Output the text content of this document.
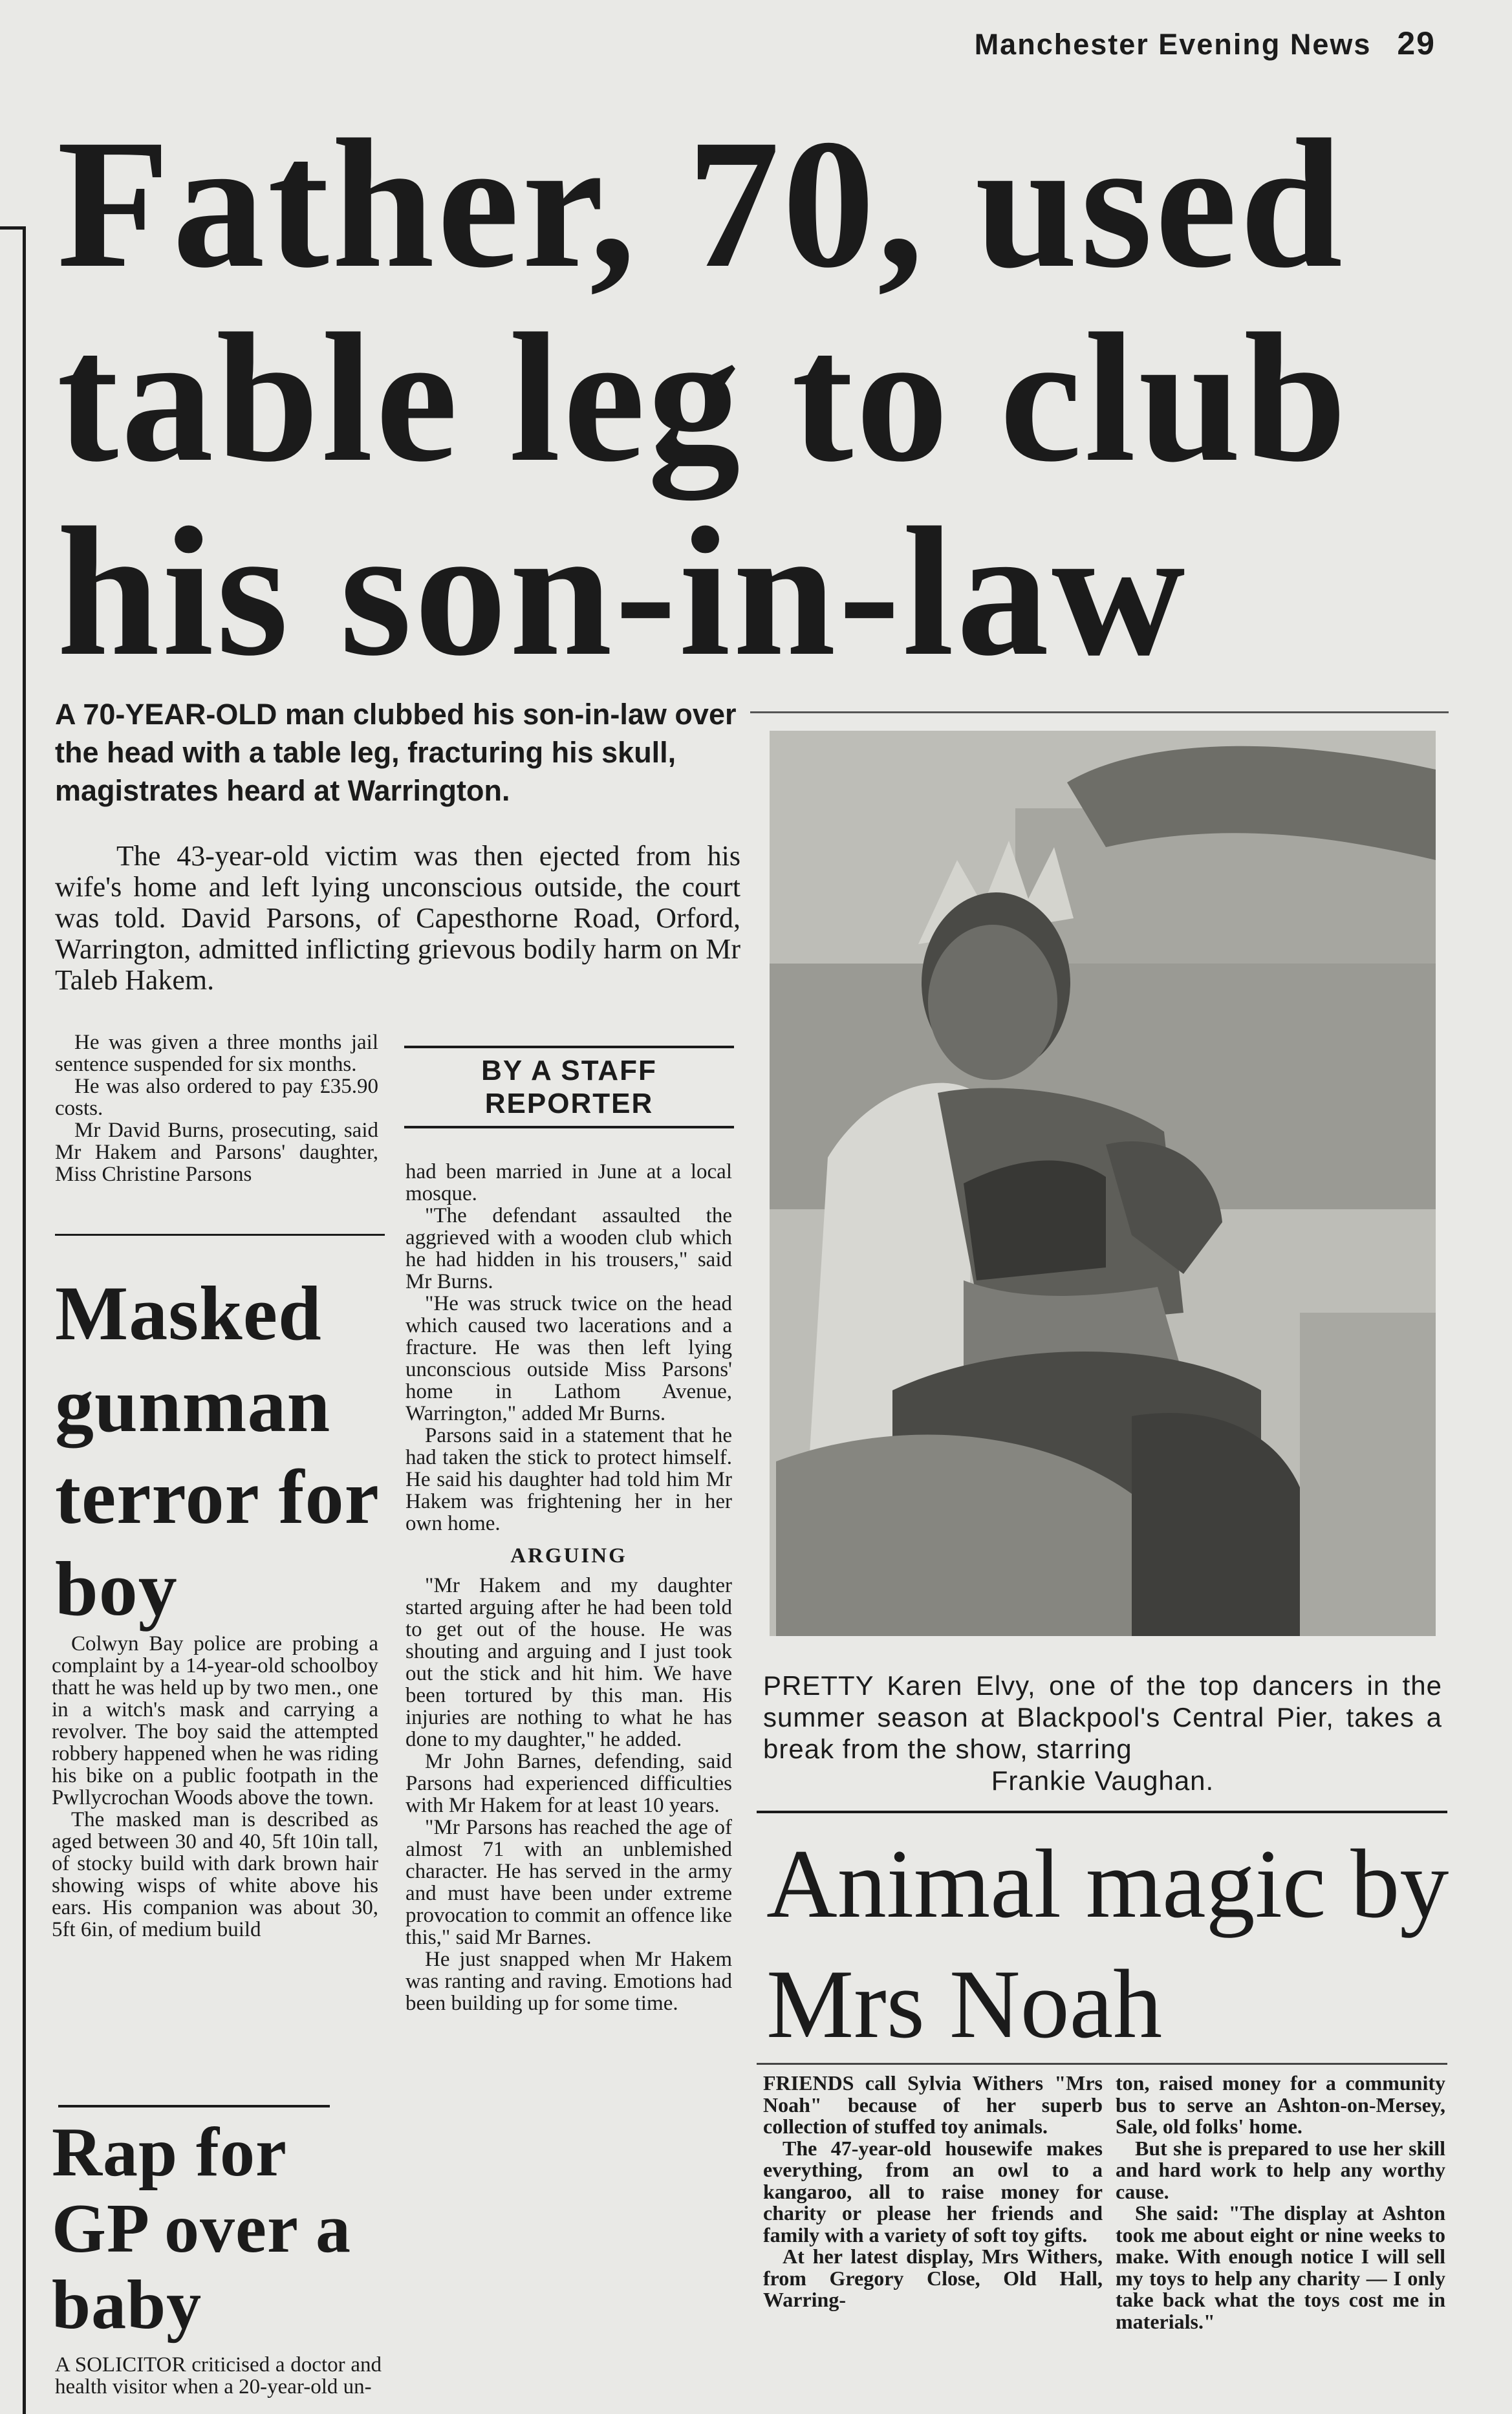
Manchester Evening News 29
Father, 70, used table leg to club his son-in-law
A 70-YEAR-OLD man clubbed his son-in-law over the head with a table leg, fracturing his skull, magistrates heard at Warrington.

The 43-year-old victim was then ejected from his wife's home and left lying unconscious outside, the court was told. David Parsons, of Capesthorne Road, Orford, Warrington, admitted inflicting grievous bodily harm on Mr Taleb Hakem.

He was given a three months jail sentence suspended for six months.

He was also ordered to pay £35.90 costs.

Mr David Burns, prosecuting, said Mr Hakem and Parsons' daughter, Miss Christine Parsons

BY A STAFF
REPORTER

had been married in June at a local mosque.

"The defendant assaulted the aggrieved with a wooden club which he had hidden in his trousers," said Mr Burns.

"He was struck twice on the head which caused two lacerations and a fracture. He was then left lying unconscious outside Miss Parsons' home in Lathom Avenue, Warrington," added Mr Burns.

Parsons said in a statement that he had taken the stick to protect himself. He said his daughter had told him Mr Hakem was frightening her in her own home.

ARGUING

"Mr Hakem and my daughter started arguing after he had been told to get out of the house. He was shouting and arguing and I just took out the stick and hit him. We have been tortured by this man. His injuries are nothing to what he has done to my daughter," he added.

Mr John Barnes, defending, said Parsons had experienced difficulties with Mr Hakem for at least 10 years.

"Mr Parsons has reached the age of almost 71 with an unblemished character. He has served in the army and must have been under extreme provocation to commit an offence like this," said Mr Barnes.

He just snapped when Mr Hakem was ranting and raving. Emotions had been building up for some time.

Masked gunman terror for boy

Colwyn Bay police are probing a complaint by a 14-year-old schoolboy thatt he was held up by two men., one in a witch's mask and carrying a revolver. The boy said the attempted robbery happened when he was riding his bike on a public footpath in the Pwllycrochan Woods above the town.

The masked man is described as aged between 30 and 40, 5ft 10in tall, of stocky build with dark brown hair showing wisps of white above his ears. His companion was about 30, 5ft 6in, of medium build

Rap for GP over a baby

A SOLICITOR criticised a doctor and health visitor when a 20-year-old un-

PRETTY Karen Elvy, one of the top dancers in the summer season at Blackpool's Central Pier, takes a break from the show, starring
Frankie Vaughan.
Animal magic by Mrs Noah

FRIENDS call Sylvia Withers "Mrs Noah" because of her superb collection of stuffed toy animals.

The 47-year-old housewife makes everything, from an owl to a kangaroo, all to raise money for charity or please her friends and family with a variety of soft toy gifts.

At her latest display, Mrs Withers, from Gregory Close, Old Hall, Warring-

ton, raised money for a community bus to serve an Ashton-on-Mersey, Sale, old folks' home.

But she is prepared to use her skill and hard work to help any worthy cause.

She said: "The display at Ashton took me about eight or nine weeks to make. With enough notice I will sell my toys to help any charity — I only take back what the toys cost me in materials."
